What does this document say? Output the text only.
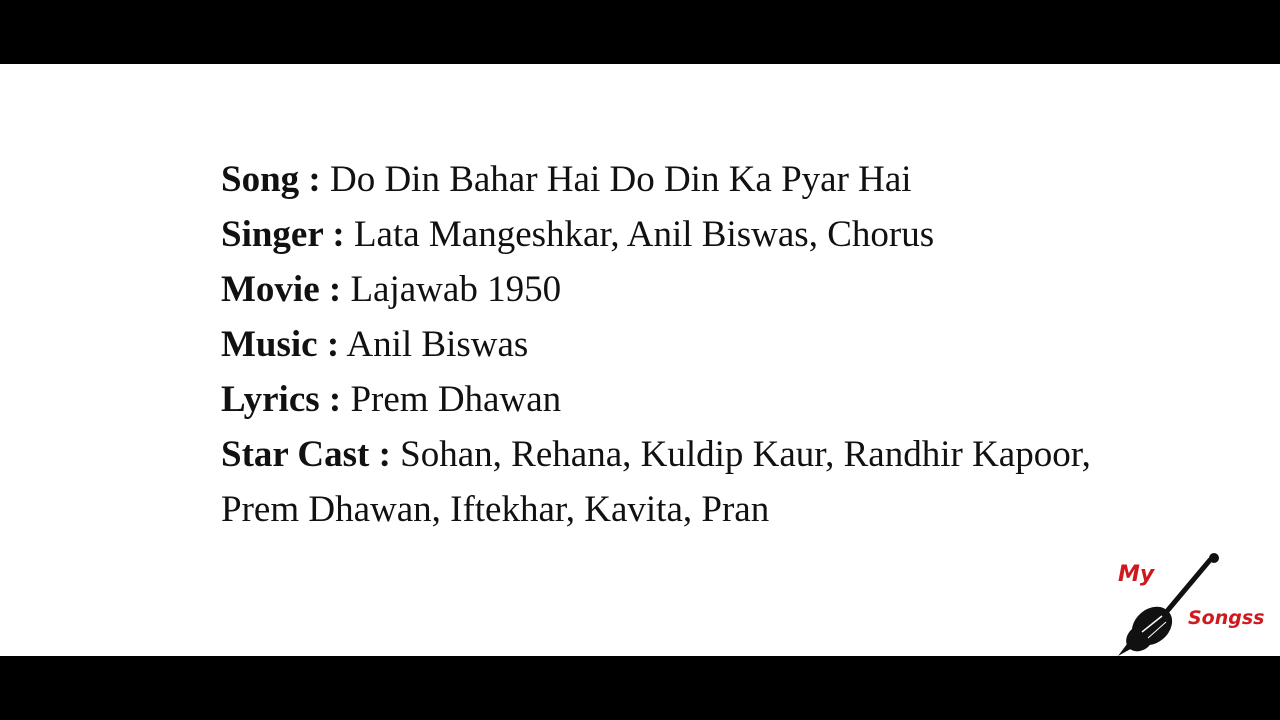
Song : Do Din Bahar Hai Do Din Ka Pyar Hai

Singer : Lata Mangeshkar, Anil Biswas, Chorus

Movie : Lajawab 1950

Music : Anil Biswas

Lyrics : Prem Dhawan

Star Cast : Sohan, Rehana, Kuldip Kaur, Randhir Kapoor, Prem Dhawan, Iftekhar, Kavita, Pran

My
Songss
